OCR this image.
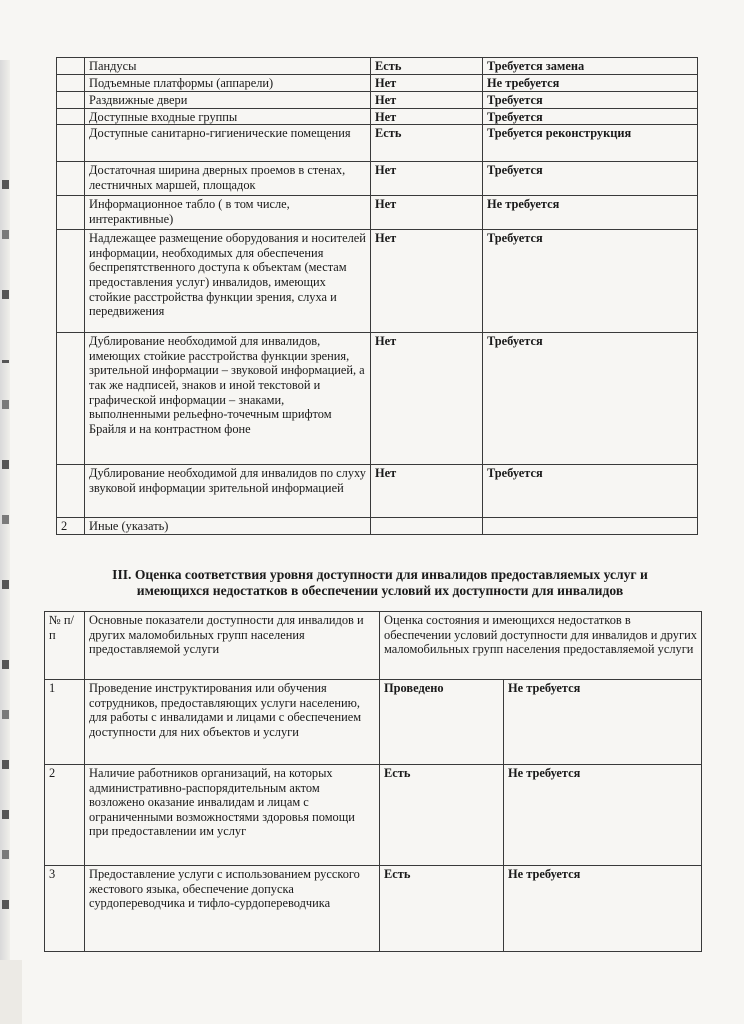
	Пандусы	Есть	Требуется замена
	Подъемные платформы (аппарели)	Нет	Не требуется
	Раздвижные двери	Нет	Требуется
	Доступные входные группы	Нет	Требуется
	Доступные санитарно-гигиенические помещения	Есть	Требуется реконструкция
	Достаточная ширина дверных проемов в стенах, лестничных маршей, площадок	Нет	Требуется
	Информационное табло ( в том числе, интерактивные)	Нет	Не требуется
	Надлежащее размещение оборудования и носителей информации, необходимых для обеспечения беспрепятственного доступа к объектам (местам предоставления услуг) инвалидов, имеющих стойкие расстройства функции зрения, слуха и передвижения	Нет	Требуется
	Дублирование необходимой для инвалидов, имеющих стойкие расстройства функции зрения, зрительной информации – звуковой информацией, а так же надписей, знаков и иной текстовой и графической информации – знаками, выполненными рельефно-точечным шрифтом Брайля и на контрастном фоне	Нет	Требуется
	Дублирование необходимой для инвалидов по слуху звуковой информации зрительной информацией	Нет	Требуется
2	Иные (указать)		
III. Оценка соответствия уровня доступности для инвалидов предоставляемых услуг и
имеющихся недостатков в обеспечении условий их доступности для инвалидов
№ п/п	Основные показатели доступности для инвалидов и других маломобильных групп населения предоставляемой услуги	Оценка состояния и имеющихся недостатков в обеспечении условий доступности для инвалидов и других маломобильных групп населения предоставляемой услуги	
1	Проведение инструктирования или обучения сотрудников, предоставляющих услуги населению, для работы с инвалидами и лицами с обеспечением доступности для них объектов и услуги	Проведено	Не требуется
2	Наличие работников организаций, на которых административно-распорядительным актом возложено оказание инвалидам и лицам с ограниченными возможностями здоровья помощи при предоставлении им услуг	Есть	Не требуется
3	Предоставление услуги с использованием русского жестового языка, обеспечение допуска сурдопереводчика и тифло-сурдопереводчика	Есть	Не требуется
